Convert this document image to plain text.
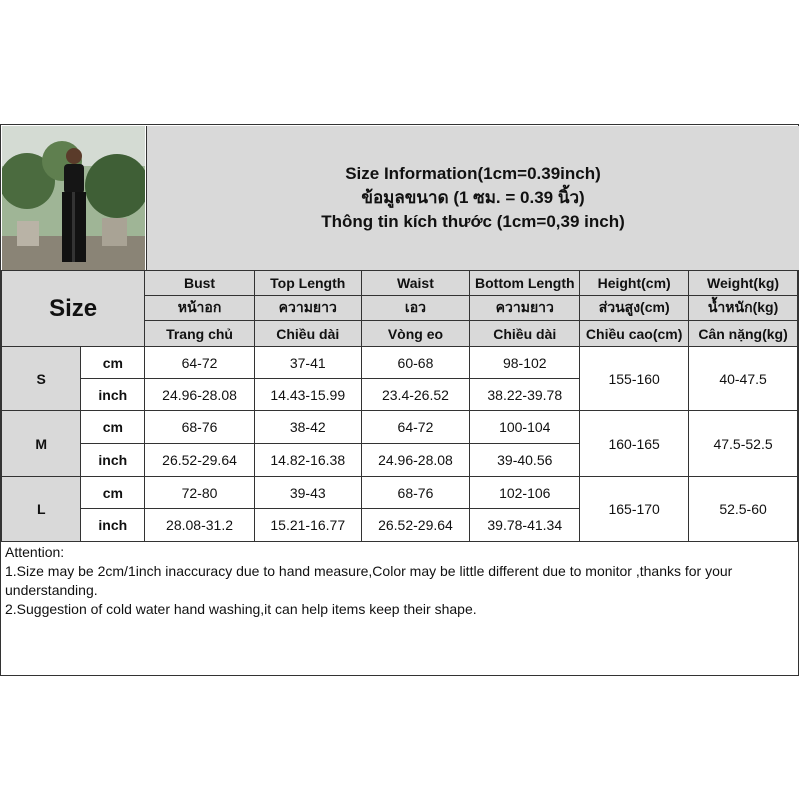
Size Information(1cm=0.39inch)
ข้อมูลขนาด (1 ซม. = 0.39 นิ้ว)
Thông tin kích thước (1cm=0,39 inch)
Size		Bust	Top Length	Waist	Bottom Length	Height(cm)	Weight(kg)
		หน้าอก	ความยาว	เอว	ความยาว	ส่วนสูง(cm)	น้ำหนัก(kg)
		Trang chủ	Chiều dài	Vòng eo	Chiều dài	Chiều cao(cm)	Cân nặng(kg)
S	cm	64-72	37-41	60-68	98-102	155-160	40-47.5
	inch	24.96-28.08	14.43-15.99	23.4-26.52	38.22-39.78		
M	cm	68-76	38-42	64-72	100-104	160-165	47.5-52.5
	inch	26.52-29.64	14.82-16.38	24.96-28.08	39-40.56		
L	cm	72-80	39-43	68-76	102-106	165-170	52.5-60
	inch	28.08-31.2	15.21-16.77	26.52-29.64	39.78-41.34		
Attention:
1.Size may be 2cm/1inch inaccuracy due to hand measure,Color may be little different due to monitor ,thanks for your understanding.
2.Suggestion of cold water hand washing,it can help items keep their shape.
